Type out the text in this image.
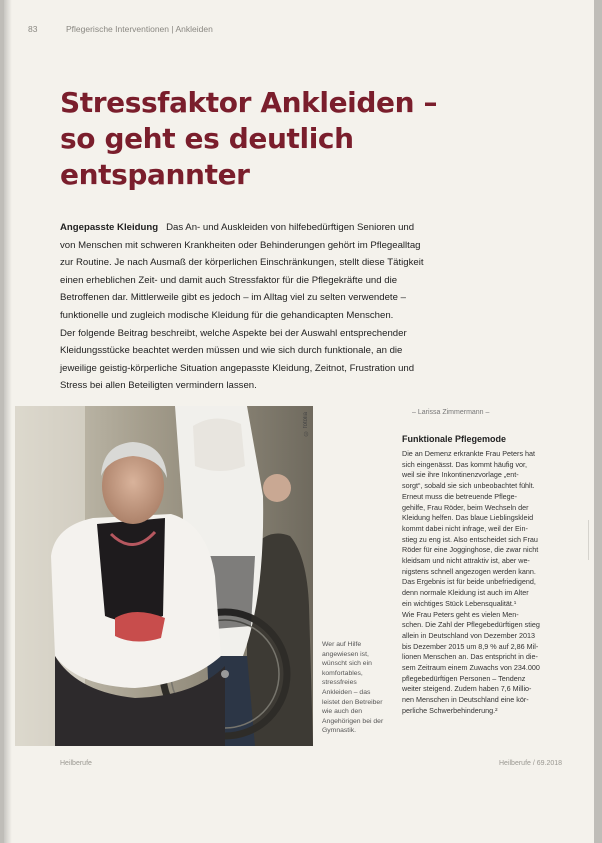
83	Pflegerische Interventionen | Ankleiden
Stressfaktor Ankleiden –
so geht es deutlich
entspannter
Angepasste Kleidung Das An- und Auskleiden von hilfebedürftigen Senioren und
von Menschen mit schweren Krankheiten oder Behinderungen gehört im Pflegealltag
zur Routine. Je nach Ausmaß der körperlichen Einschränkungen, stellt diese Tätigkeit
einen erheblichen Zeit- und damit auch Stressfaktor für die Pflegekräfte und die
Betroffenen dar. Mittlerweile gibt es jedoch – im Alltag viel zu selten verwendete –
funktionelle und zugleich modische Kleidung für die gehandicapten Menschen.
Der folgende Beitrag beschreibt, welche Aspekte bei der Auswahl entsprechender
Kleidungsstücke beachtet werden müssen und wie sich durch funktionale, an die
jeweilige geistig-körperliche Situation angepasste Kleidung, Zeitnot, Frustration und
Stress bei allen Beteiligten vermindern lassen.
© fotolia
Wer auf Hilfe
angewiesen ist,
wünscht sich ein
komfortables,
stressfreies
Ankleiden – das
leistet den Betreiber
wie auch den
Angehörigen bei der
Gymnastik.
– Larissa Zimmermann –
Funktionale Pflegemode
Die an Demenz erkrankte Frau Peters hat
sich eingenässt. Das kommt häufig vor,
weil sie ihre Inkontinenzvorlage „ent-
sorgt“, sobald sie sich unbeobachtet fühlt.
Erneut muss die betreuende Pflege-
gehilfe, Frau Röder, beim Wechseln der
Kleidung helfen. Das blaue Lieblingskleid
kommt dabei nicht infrage, weil der Ein-
stieg zu eng ist. Also entscheidet sich Frau
Röder für eine Jogginghose, die zwar nicht
kleidsam und nicht attraktiv ist, aber we-
nigstens schnell angezogen werden kann.
Das Ergebnis ist für beide unbefriedigend,
denn normale Kleidung ist auch im Alter
ein wichtiges Stück Lebensqualität.¹
Wie Frau Peters geht es vielen Men-
schen. Die Zahl der Pflegebedürftigen stieg
allein in Deutschland von Dezember 2013
bis Dezember 2015 um 8,9 % auf 2,86 Mil-
lionen Menschen an. Das entspricht in die-
sem Zeitraum einem Zuwachs von 234.000
pflegebedürftigen Personen – Tendenz
weiter steigend. Zudem haben 7,6 Millio-
nen Menschen in Deutschland eine kör-
perliche Schwerbehinderung.²
Heilberufe	Heilberufe / 69.2018
